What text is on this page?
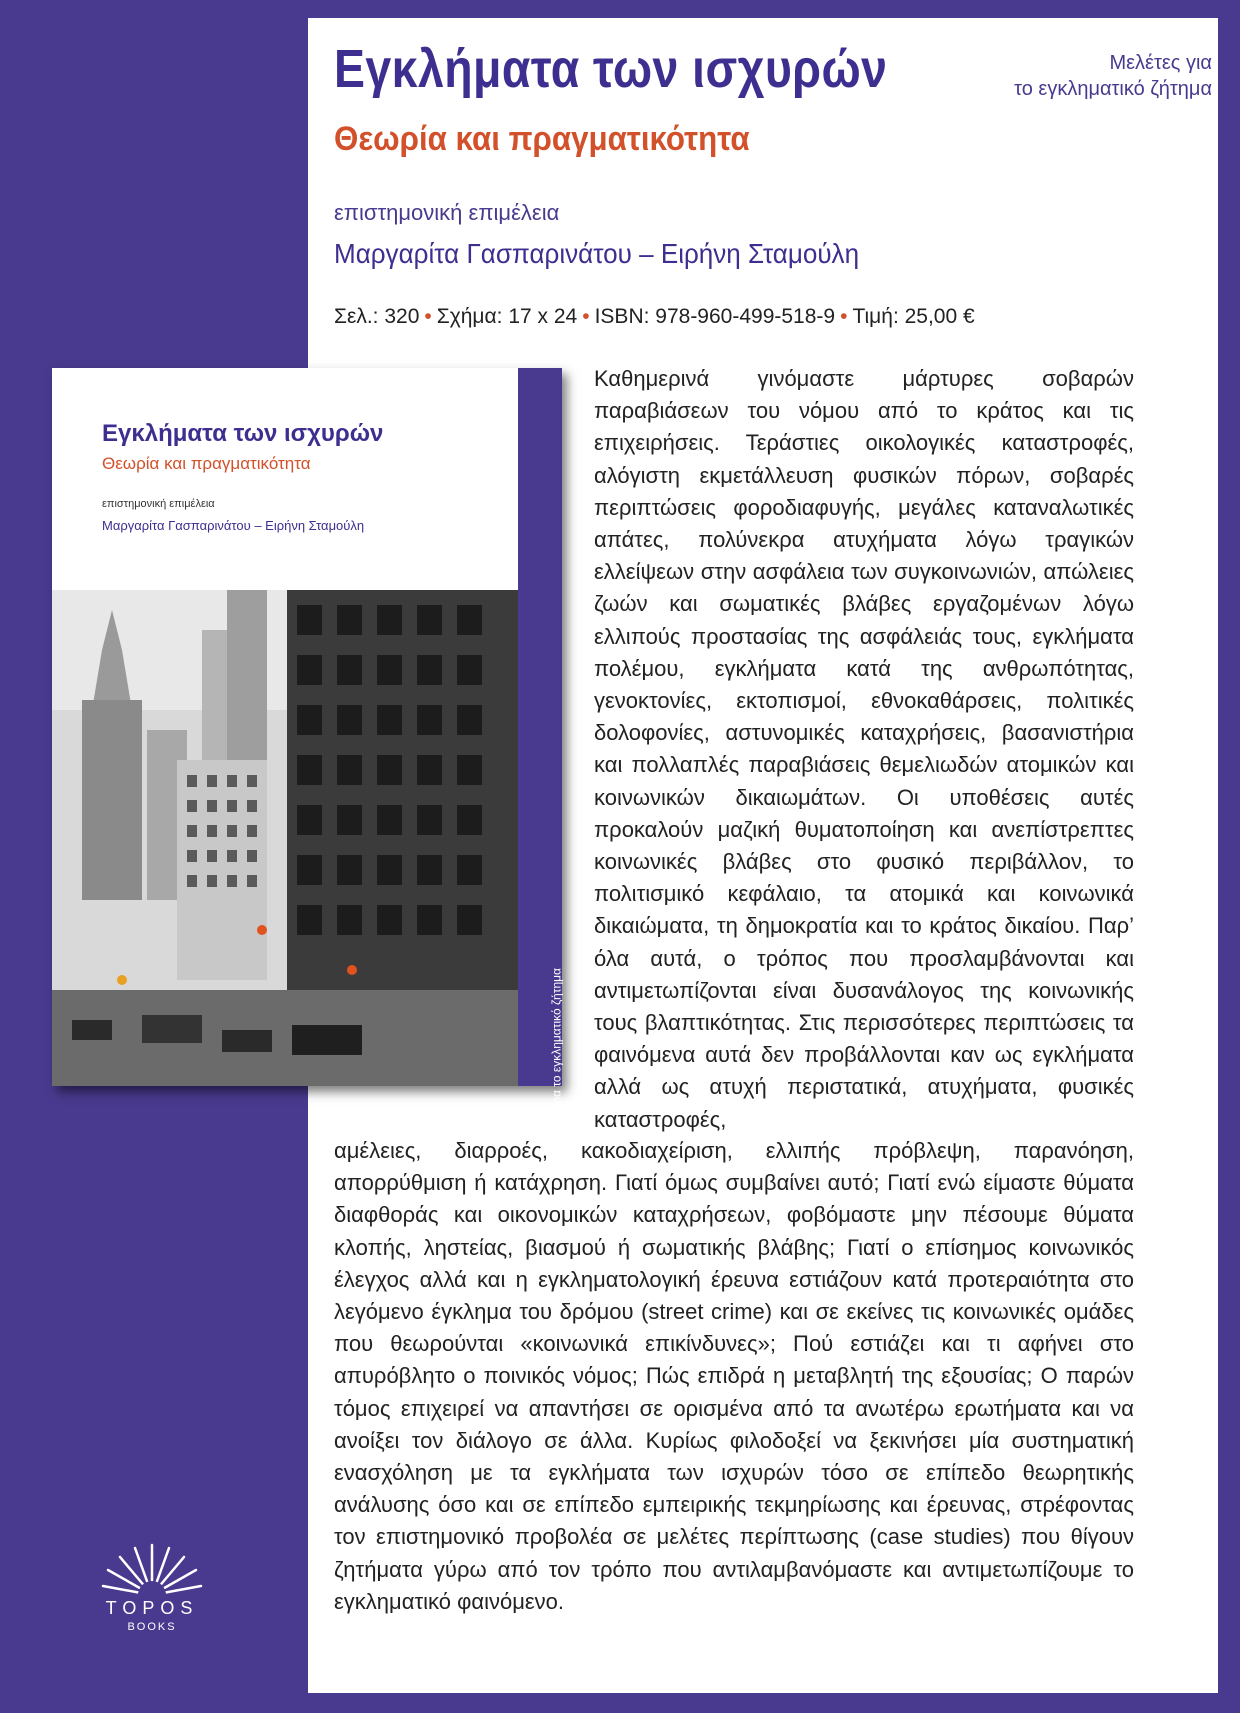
Εγκλήματα των ισχυρών
Θεωρία και πραγματικότητα
Μελέτες για
το εγκληματικό ζήτημα
επιστημονική επιμέλεια
Μαργαρίτα Γασπαρινάτου – Ειρήνη Σταμούλη
Σελ.: 320 • Σχήμα: 17 x 24 • ISBN: 978-960-499-518-9 • Τιμή: 25,00 €
Εγκλήματα των ισχυρών
Θεωρία και πραγματικότητα
επιστημονική επιμέλεια
Μαργαρίτα Γασπαρινάτου – Ειρήνη Σταμούλη
Μελέτες για το εγκληματικό ζήτημα

Καθημερινά γινόμαστε μάρτυρες σοβαρών παραβιάσεων του νόμου από το κράτος και τις επιχειρήσεις. Τεράστιες οικολογικές καταστροφές, αλόγιστη εκμετάλλευση φυσικών πόρων, σοβαρές περιπτώσεις φοροδιαφυγής, μεγάλες καταναλωτικές απάτες, πολύνεκρα ατυχήματα λόγω τραγικών ελλείψεων στην ασφάλεια των συγκοινωνιών, απώλειες ζωών και σωματικές βλάβες εργαζομένων λόγω ελλιπούς προστασίας της ασφάλειάς τους, εγκλήματα πολέμου, εγκλήματα κατά της ανθρωπότητας, γενοκτονίες, εκτοπισμοί, εθνοκαθάρσεις, πολιτικές δολοφονίες, αστυνομικές καταχρήσεις, βασανιστήρια και πολλαπλές παραβιάσεις θεμελιωδών ατομικών και κοινωνικών δικαιωμάτων. Οι υποθέσεις αυτές προκαλούν μαζική θυματοποίηση και ανεπίστρεπτες κοινωνικές βλάβες στο φυσικό περιβάλλον, το πολιτισμικό κεφάλαιο, τα ατομικά και κοινωνικά δικαιώματα, τη δημοκρατία και το κράτος δικαίου. Παρ’ όλα αυτά, ο τρόπος που προσλαμβάνονται και αντιμετωπίζονται είναι δυσανάλογος της κοινωνικής τους βλαπτικότητας. Στις περισσότερες περιπτώσεις τα φαινόμενα αυτά δεν προβάλλονται καν ως εγκλήματα αλλά ως ατυχή περιστατικά, ατυχήματα, φυσικές καταστροφές,

αμέλειες, διαρροές, κακοδιαχείριση, ελλιπής πρόβλεψη, παρανόηση, απορρύθμιση ή κατάχρηση. Γιατί όμως συμβαίνει αυτό; Γιατί ενώ είμαστε θύματα διαφθοράς και οικονομικών καταχρήσεων, φοβόμαστε μην πέσουμε θύματα κλοπής, ληστείας, βιασμού ή σωματικής βλάβης; Γιατί ο επίσημος κοινωνικός έλεγχος αλλά και η εγκληματολογική έρευνα εστιάζουν κατά προτεραιότητα στο λεγόμενο έγκλημα του δρόμου (street crime) και σε εκείνες τις κοινωνικές ομάδες που θεωρούνται «κοινωνικά επικίνδυνες»; Πού εστιάζει και τι αφήνει στο απυρόβλητο ο ποινικός νόμος; Πώς επιδρά η μεταβλητή της εξουσίας; Ο παρών τόμος επιχειρεί να απαντήσει σε ορισμένα από τα ανωτέρω ερωτήματα και να ανοίξει τον διάλογο σε άλλα. Κυρίως φιλοδοξεί να ξεκινήσει μία συστηματική ενασχόληση με τα εγκλήματα των ισχυρών τόσο σε επίπεδο θεωρητικής ανάλυσης όσο και σε επίπεδο εμπειρικής τεκμηρίωσης και έρευνας, στρέφοντας τον επιστημονικό προβολέα σε μελέτες περίπτωσης (case studies) που θίγουν ζητήματα γύρω από τον τρόπο που αντιλαμβανόμαστε και αντιμετωπίζουμε το εγκληματικό φαινόμενο.

TOPOS
BOOKS
